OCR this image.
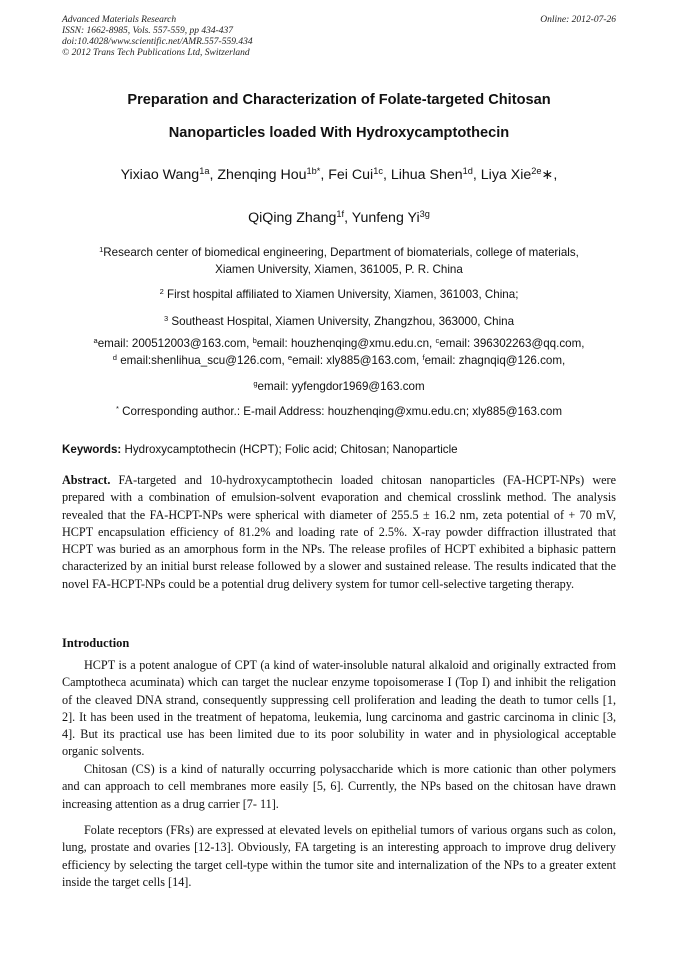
Advanced Materials Research
ISSN: 1662-8985, Vols. 557-559, pp 434-437
doi:10.4028/www.scientific.net/AMR.557-559.434
© 2012 Trans Tech Publications Ltd, Switzerland
Online: 2012-07-26
Preparation and Characterization of Folate-targeted Chitosan
Nanoparticles loaded With Hydroxycamptothecin
Yixiao Wang$^{1a}$, Zhenqing Hou$^{1b*}$, Fei Cui$^{1c}$, Lihua Shen$^{1d}$, Liya Xie$^{2e}$∗,
QiQing Zhang$^{1f}$, Yunfeng $Yi^{3g}$
$^1$Research center of biomedical engineering, Department of biomaterials, college of materials,
Xiamen University, Xiamen, 361005, P. R. China
$^2$ First hospital affiliated to Xiamen University, Xiamen, 361003, China;
$^3$ Southeast Hospital, Xiamen University, Zhangzhou, 363000, China
$^a$email: 200512003@163.com, $^b$email: houzhenqing@xmu.edu.cn, $^c$email: 396302263@qq.com,
$^d$ email:shenlihua_scu@126.com, $^e$email: xly885@163.com, $^f$email: zhagnqiq@126.com,
$^g$email: yyfengdor1969@163.com
* Corresponding author.: E-mail Address: houzhenqing@xmu.edu.cn; xly885@163.com
Keywords: Hydroxycamptothecin (HCPT); Folic acid; Chitosan; Nanoparticle
Abstract. FA-targeted and 10-hydroxycamptothecin loaded chitosan nanoparticles (FA-HCPT-NPs) were prepared with a combination of emulsion-solvent evaporation and chemical crosslink method. The analysis revealed that the FA-HCPT-NPs were spherical with diameter of 255.5 ± 16.2 nm, zeta potential of + 70 mV, HCPT encapsulation efficiency of 81.2% and loading rate of 2.5%. X-ray powder diffraction illustrated that HCPT was buried as an amorphous form in the NPs. The release profiles of HCPT exhibited a biphasic pattern characterized by an initial burst release followed by a slower and sustained release. The results indicated that the novel FA-HCPT-NPs could be a potential drug delivery system for tumor cell-selective targeting therapy.
Introduction

HCPT is a potent analogue of CPT (a kind of water-insoluble natural alkaloid and originally extracted from Camptotheca acuminata) which can target the nuclear enzyme topoisomerase I (Top I) and inhibit the religation of the cleaved DNA strand, consequently suppressing cell proliferation and leading the death to tumor cells [1, 2]. It has been used in the treatment of hepatoma, leukemia, lung carcinoma and gastric carcinoma in clinic [3, 4]. But its practical use has been limited due to its poor solubility in water and in physiological acceptable organic solvents.

Chitosan (CS) is a kind of naturally occurring polysaccharide which is more cationic than other polymers and can approach to cell membranes more easily [5, 6]. Currently, the NPs based on the chitosan have drawn increasing attention as a drug carrier [7- 11].

Folate receptors (FRs) are expressed at elevated levels on epithelial tumors of various organs such as colon, lung, prostate and ovaries [12-13]. Obviously, FA targeting is an interesting approach to improve drug delivery efficiency by selecting the target cell-type within the tumor site and internalization of the NPs to a greater extent inside the target cells [14].
